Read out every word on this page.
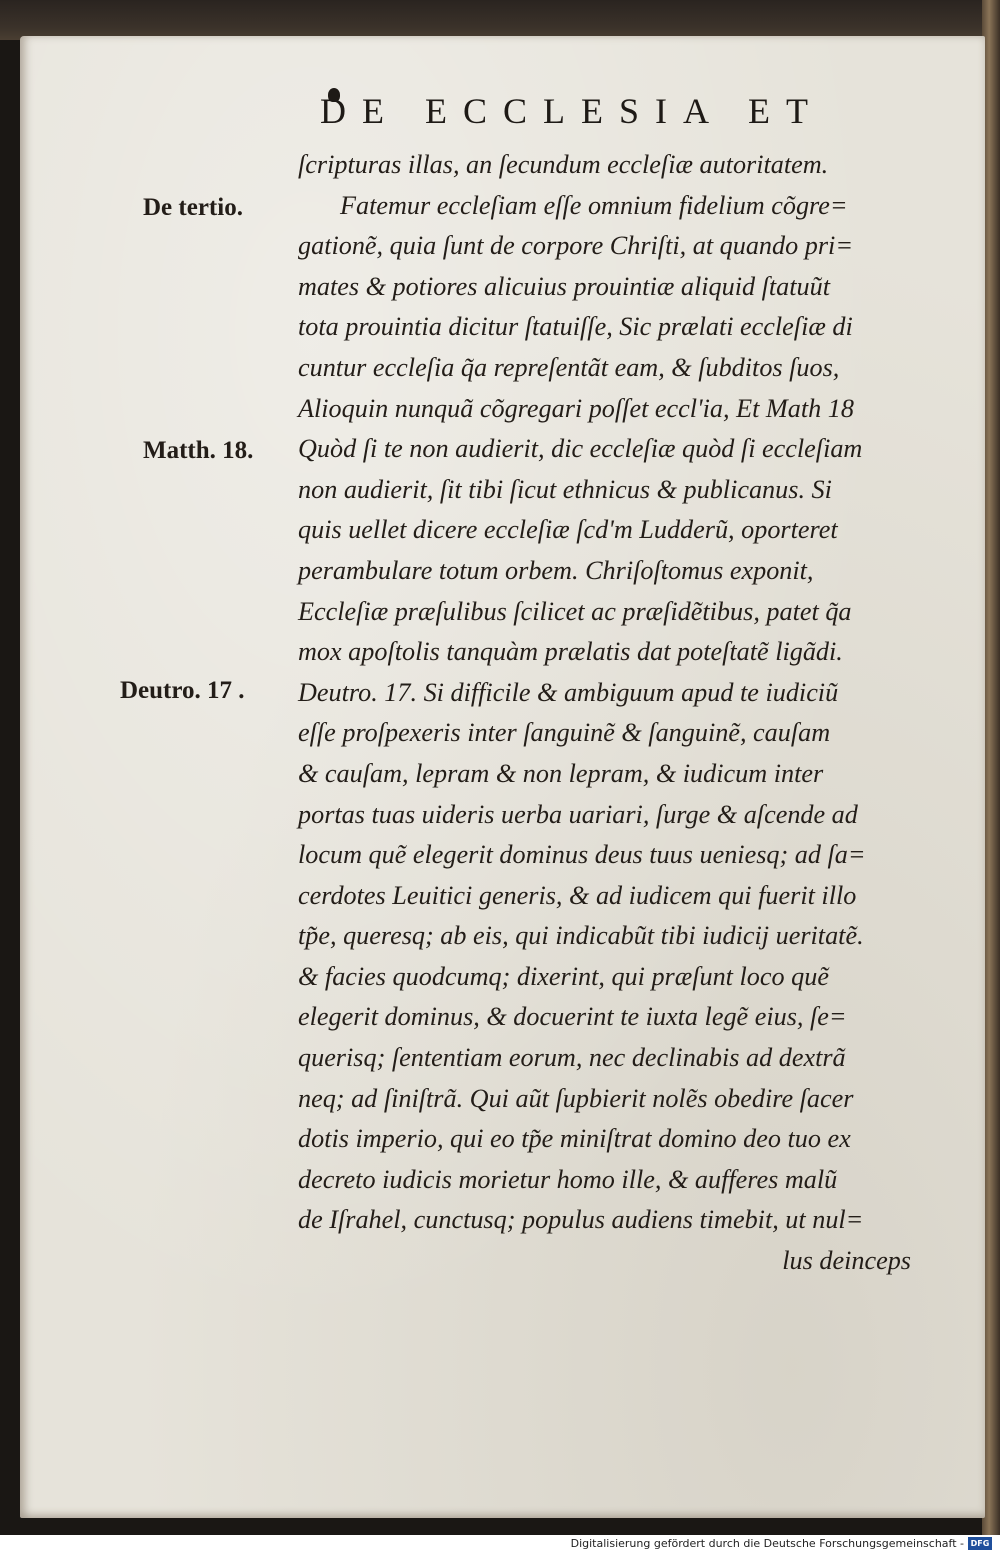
DE ECCLESIA ET
De tertio.
Matth. 18.
Deutro. 17 .
ſcripturas illas, an ſecundum eccleſiæ autoritatem.
Fatemur eccleſiam eſſe omnium fidelium cõgre=
gationẽ, quia ſunt de corpore Chriſti, at quando pri=
mates & potiores alicuius prouintiæ aliquid ſtatuũt
tota prouintia dicitur ſtatuiſſe, Sic prælati eccleſiæ di
cuntur eccleſia q̃a repreſentãt eam, & ſubditos ſuos,
Alioquin nunquã cõgregari poſſet eccl'ia, Et Math 18
Quòd ſi te non audierit, dic eccleſiæ quòd ſi eccleſiam
non audierit, ſit tibi ſicut ethnicus & publicanus. Si
quis uellet dicere eccleſiæ ſcd'm Ludderũ, oporteret
perambulare totum orbem. Chriſoſtomus exponit,
Eccleſiæ præſulibus ſcilicet ac præſidẽtibus, patet q̃a
mox apoſtolis tanquàm prælatis dat poteſtatẽ ligãdi.
Deutro. 17. Si difficile & ambiguum apud te iudiciũ
eſſe proſpexeris inter ſanguinẽ & ſanguinẽ, cauſam
& cauſam, lepram & non lepram, & iudicum inter
portas tuas uideris uerba uariari, ſurge & aſcende ad
locum quẽ elegerit dominus deus tuus ueniesq; ad ſa=
cerdotes Leuitici generis, & ad iudicem qui fuerit illo
tp̃e, queresq; ab eis, qui indicabũt tibi iudicij ueritatẽ.
& facies quodcumq; dixerint, qui præſunt loco quẽ
elegerit dominus, & docuerint te iuxta legẽ eius, ſe=
querisq; ſententiam eorum, nec declinabis ad dextrã
neq; ad ſiniſtrã. Qui aũt ſupbierit nolẽs obedire ſacer
dotis imperio, qui eo tp̃e miniſtrat domino deo tuo ex
decreto iudicis morietur homo ille, & aufferes malũ
de Iſrahel, cunctusq; populus audiens timebit, ut nul=
lus deinceps
Digitalisierung gefördert durch die Deutsche Forschungsgemeinschaft - DFG
